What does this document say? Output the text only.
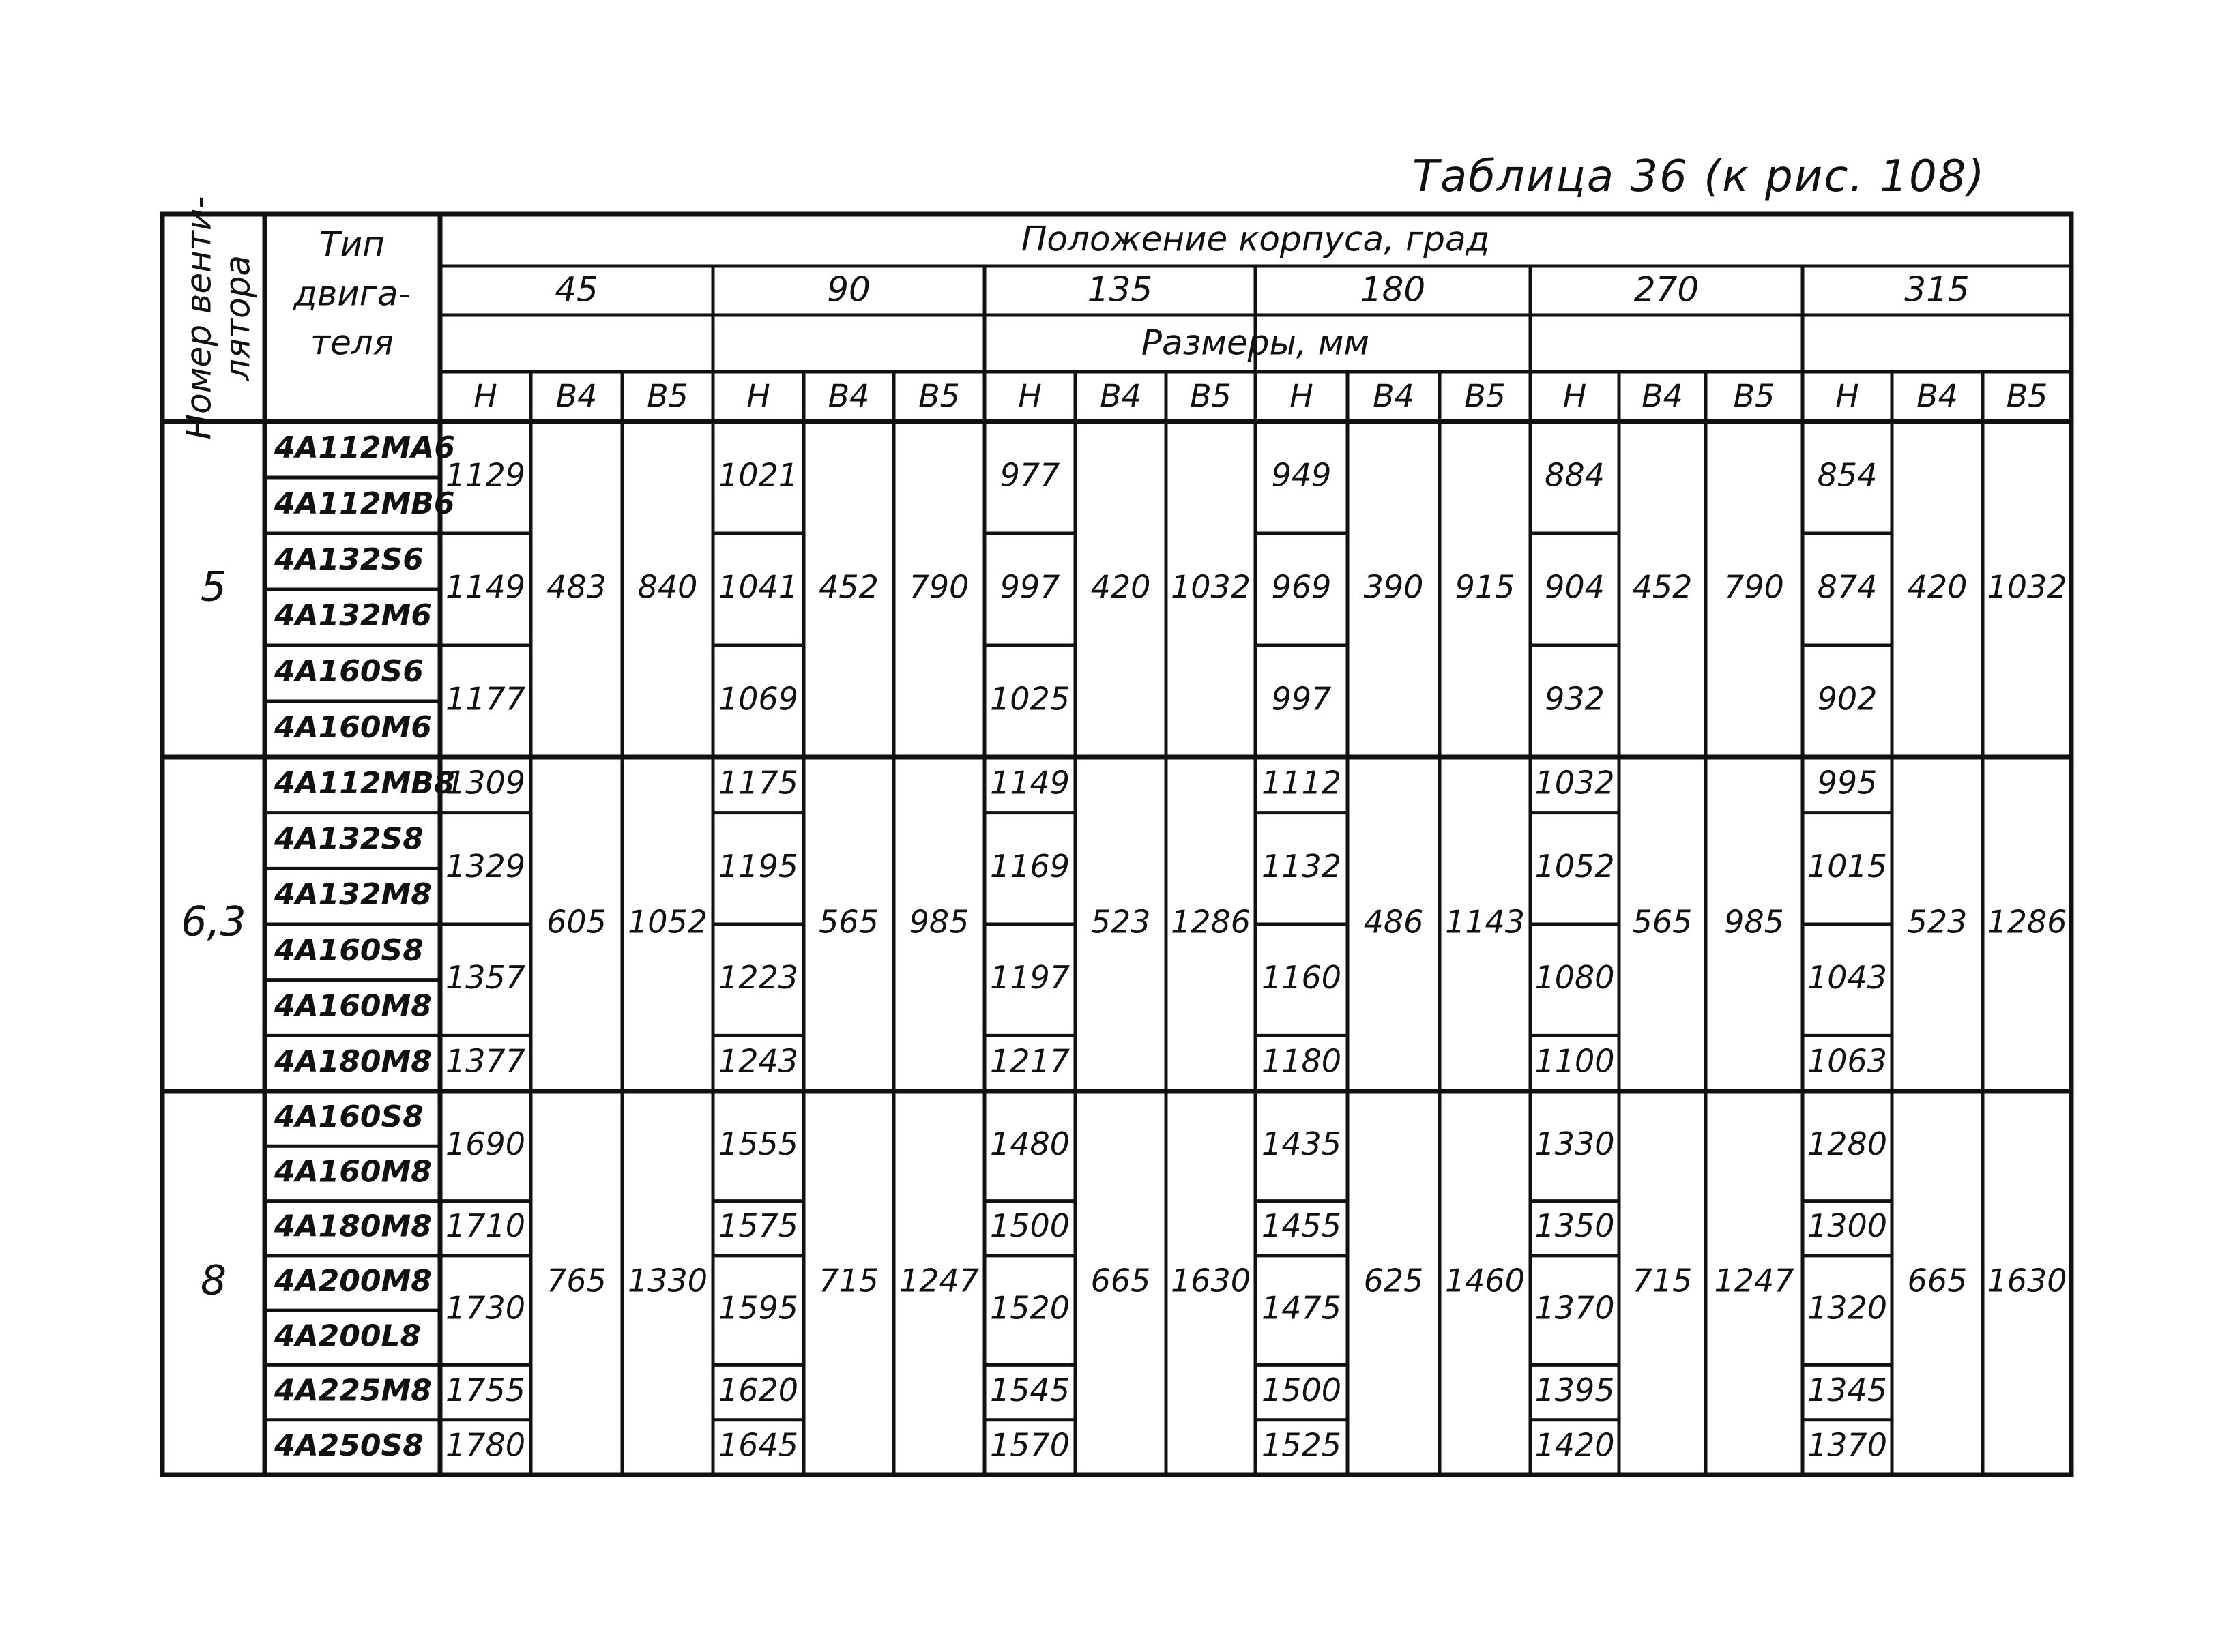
Таблица 36 (к рис. 108)
Номер венти- лятора
Тип
двига-
теля
Положение корпуса, град
Размеры, мм
45
H B4 B5
90
H B4 B5
135
H B4 B5
180
H B4 B5
270
H B4 B5
315
H B4 B5
5
4А112МА6
4А112МВ6
4А132S6
4А132М6
4А160S6
4А160М6
1129
1149
1177
483 840
1021
1041
1069
452 790
977
997
1025
420 1032
949
969
997
390 915
884
904
932
452 790
854
874
902
420 1032
6,3
4А112МВ8
4А132S8
4А132М8
4А160S8
4А160М8
4А180М8
1309
1329
1357
1377
605 1052
1175
1195
1223
1243
565 985
1149
1169
1197
1217
523 1286
1112
1132
1160
1180
486 1143
1032
1052
1080
1100
565 985
995
1015
1043
1063
523 1286
8
4А160S8
4А160М8
4А180М8
4А200М8
4А200L8
4А225М8
4А250S8
1690
1710
1730
1755
1780
765 1330
1555
1575
1595
1620
1645
715 1247
1480
1500
1520
1545
1570
665 1630
1435
1455
1475
1500
1525
625 1460
1330
1350
1370
1395
1420
715 1247
1280
1300
1320
1345
1370
665 1630
